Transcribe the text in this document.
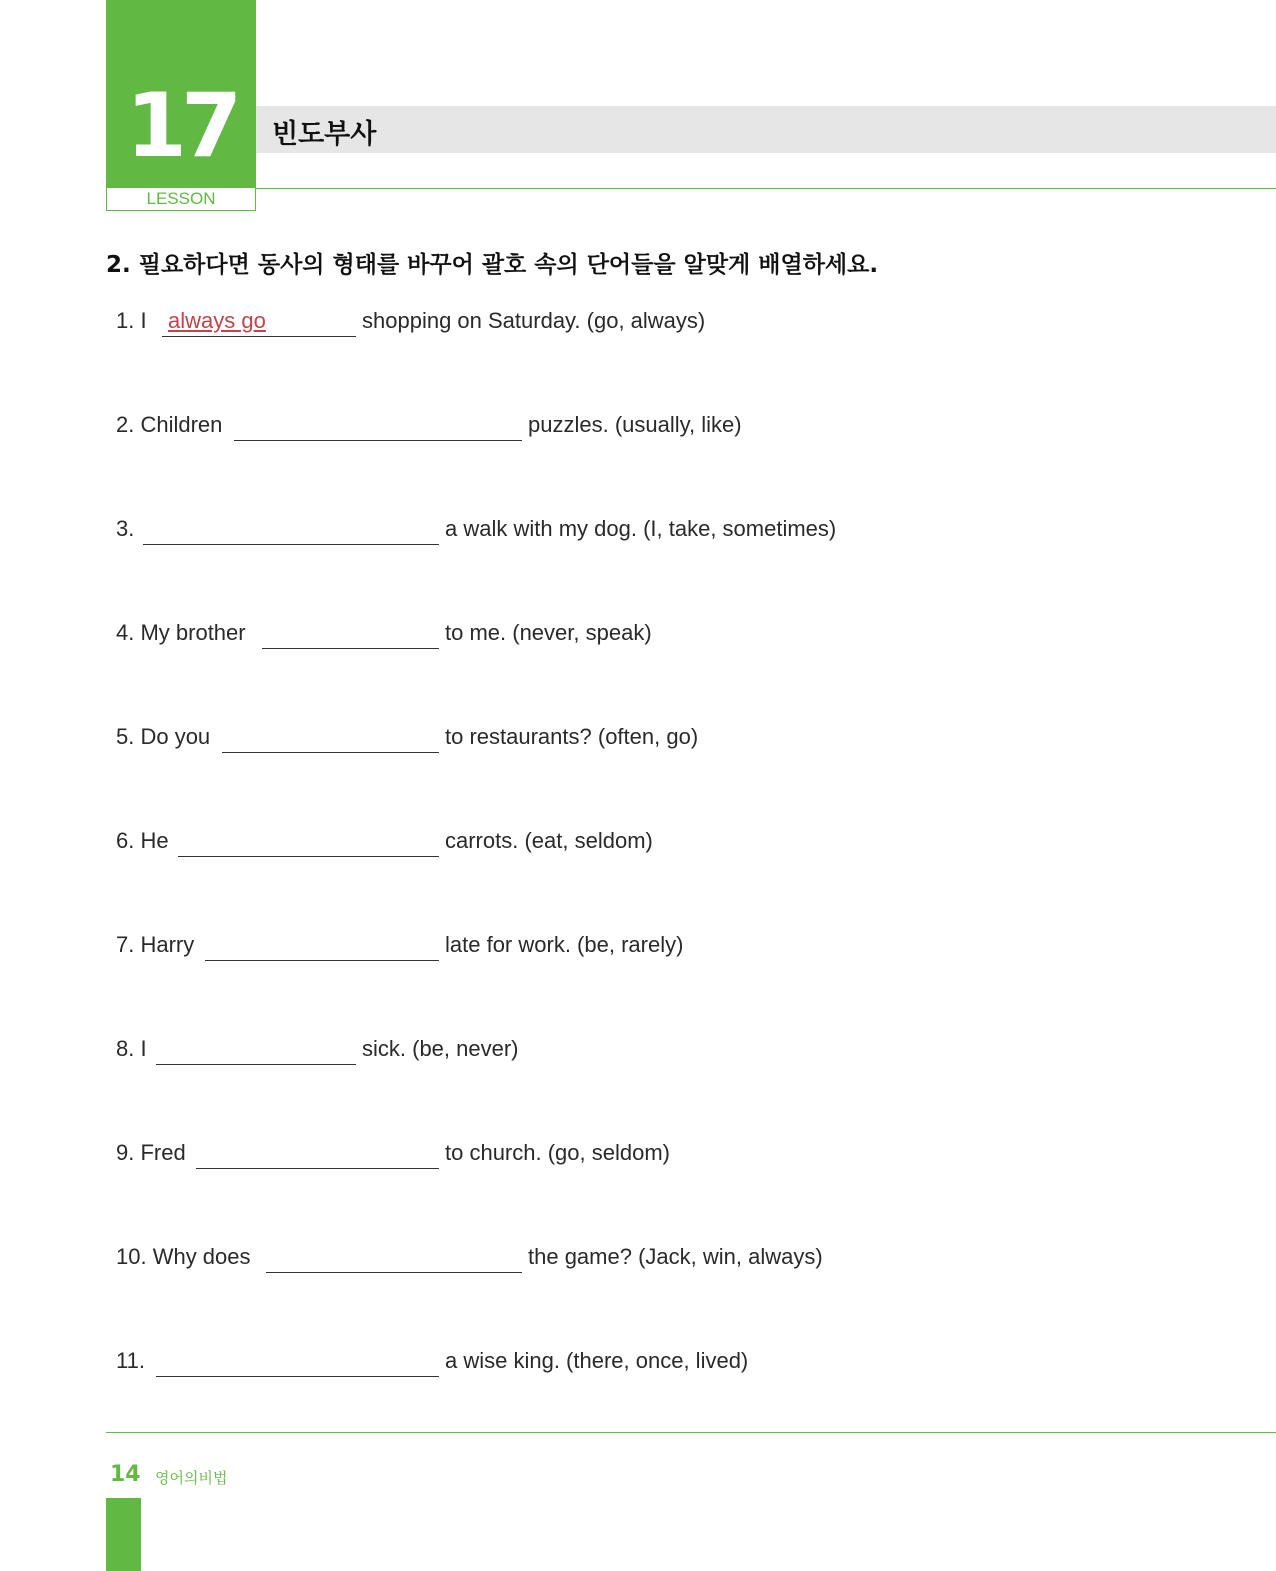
17
LESSON
빈도부사
2. 필요하다면 동사의 형태를 바꾸어 괄호 속의 단어들을 알맞게 배열하세요.
1. I always go	shopping on Saturday. (go, always)
2. Children	puzzles. (usually, like)
3.	a walk with my dog. (I, take, sometimes)
4. My brother	to me. (never, speak)
5. Do you	to restaurants? (often, go)
6. He	carrots. (eat, seldom)
7. Harry	late for work. (be, rarely)
8. I	sick. (be, never)
9. Fred	to church. (go, seldom)
10. Why does	the game? (Jack, win, always)
11.	a wise king. (there, once, lived)
14 영어의비법
